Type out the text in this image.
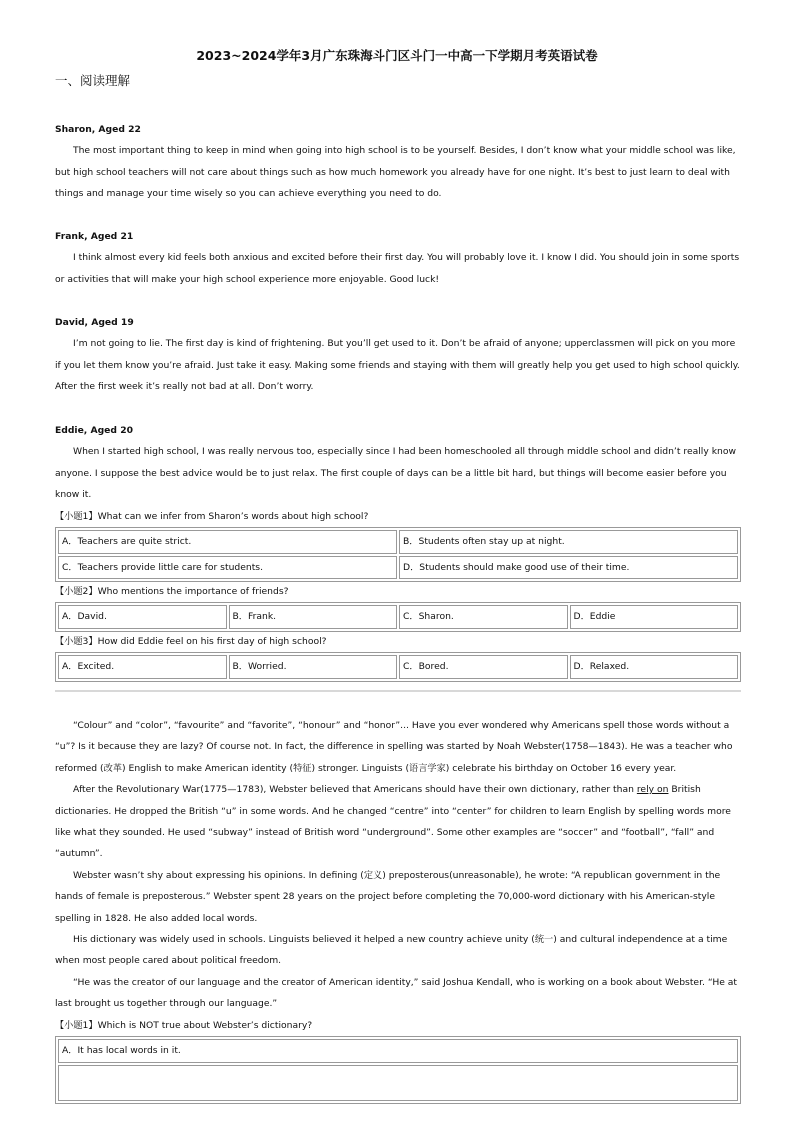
2023~2024学年3月广东珠海斗门区斗门一中高一下学期月考英语试卷
一、阅读理解
Sharon, Aged 22

The most important thing to keep in mind when going into high school is to be yourself. Besides, I don’t know what your middle school was like, but high school teachers will not care about things such as how much homework you already have for one night. It’s best to just learn to deal with things and manage your time wisely so you can achieve everything you need to do.

Frank, Aged 21

I think almost every kid feels both anxious and excited before their first day. You will probably love it. I know I did. You should join in some sports or activities that will make your high school experience more enjoyable. Good luck!

David, Aged 19

I’m not going to lie. The first day is kind of frightening. But you’ll get used to it. Don’t be afraid of anyone; upperclassmen will pick on you more if you let them know you’re afraid. Just take it easy. Making some friends and staying with them will greatly help you get used to high school quickly. After the first week it’s really not bad at all. Don’t worry.

Eddie, Aged 20

When I started high school, I was really nervous too, especially since I had been homeschooled all through middle school and didn’t really know anyone. I suppose the best advice would be to just relax. The first couple of days can be a little bit hard, but things will become easier before you know it.

【小题1】What can we infer from Sharon’s words about high school?

A．Teachers are quite strict.	B．Students often stay up at night.
C．Teachers provide little care for students.	D．Students should make good use of their time.

【小题2】Who mentions the importance of friends?

A．David.	B．Frank.	C．Sharon.	D．Eddie

【小题3】How did Eddie feel on his first day of high school?

A．Excited.	B．Worried.	C．Bored.	D．Relaxed.

“Colour” and “color”, “favourite” and “favorite”, “honour” and “honor”... Have you ever wondered why Americans spell those words without a “u”? Is it because they are lazy? Of course not. In fact, the difference in spelling was started by Noah Webster(1758—1843). He was a teacher who reformed (改革) English to make American identity (特征) stronger. Linguists (语言学家) celebrate his birthday on October 16 every year.

After the Revolutionary War(1775—1783), Webster believed that Americans should have their own dictionary, rather than rely on British dictionaries. He dropped the British “u” in some words. And he changed “centre” into “center” for children to learn English by spelling words more like what they sounded. He used “subway” instead of British word “underground”. Some other examples are “soccer” and “football”, “fall” and “autumn”.

Webster wasn’t shy about expressing his opinions. In defining (定义) preposterous(unreasonable), he wrote: “A republican government in the hands of female is preposterous.” Webster spent 28 years on the project before completing the 70,000-word dictionary with his American-style spelling in 1828. He also added local words.

His dictionary was widely used in schools. Linguists believed it helped a new country achieve unity (统一) and cultural independence at a time when most people cared about political freedom.

“He was the creator of our language and the creator of American identity,” said Joshua Kendall, who is working on a book about Webster. “He at last brought us together through our language.”

【小题1】Which is NOT true about Webster’s dictionary?

A．It has local words in it.
